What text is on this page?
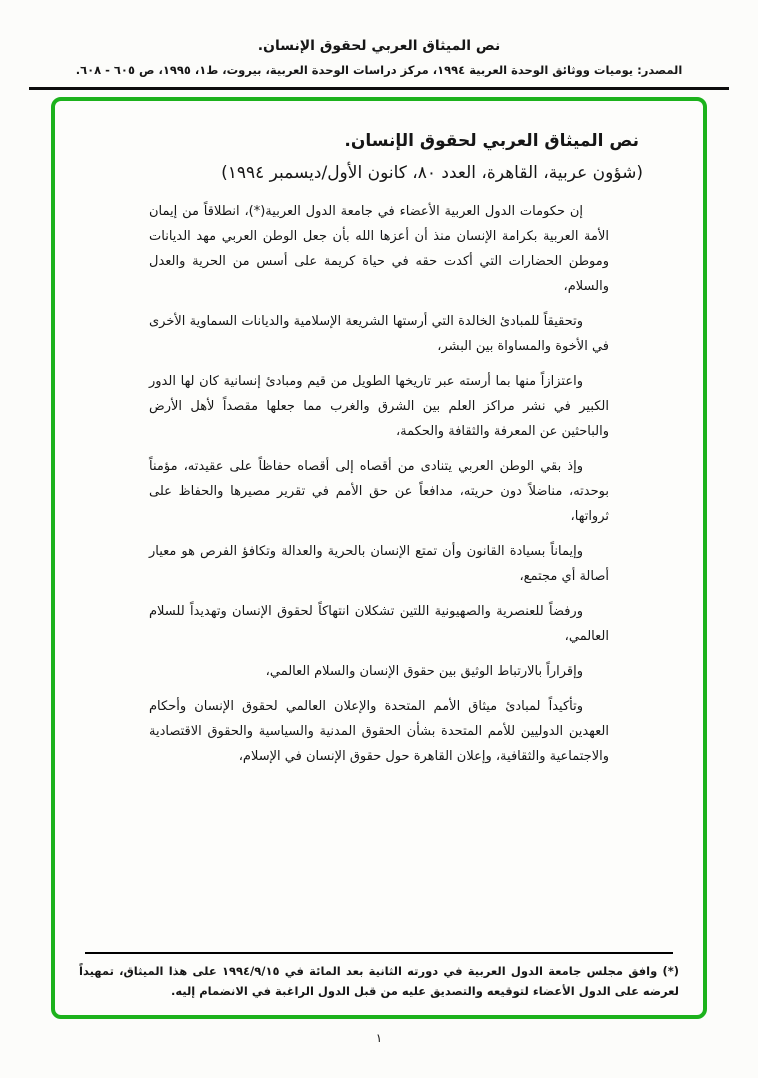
نص الميثاق العربي لحقوق الإنسان.
المصدر: يوميات ووثائق الوحدة العربية ١٩٩٤، مركز دراسات الوحدة العربية، بيروت، ط١، ١٩٩٥، ص ٦٠٥ - ٦٠٨.
نص الميثاق العربي لحقوق الإنسان.
(شؤون عربية، القاهرة، العدد ٨٠، كانون الأول/ديسمبر ١٩٩٤)

إن حكومات الدول العربية الأعضاء في جامعة الدول العربية(*)، انطلاقاً من إيمان الأمة العربية بكرامة الإنسان منذ أن أعزها الله بأن جعل الوطن العربي مهد الديانات وموطن الحضارات التي أكدت حقه في حياة كريمة على أسس من الحرية والعدل والسلام،

وتحقيقاً للمبادئ الخالدة التي أرستها الشريعة الإسلامية والديانات السماوية الأخرى في الأخوة والمساواة بين البشر،

واعتزازاً منها بما أرسته عبر تاريخها الطويل من قيم ومبادئ إنسانية كان لها الدور الكبير في نشر مراكز العلم بين الشرق والغرب مما جعلها مقصداً لأهل الأرض والباحثين عن المعرفة والثقافة والحكمة،

وإذ بقي الوطن العربي يتنادى من أقصاه إلى أقصاه حفاظاً على عقيدته، مؤمناً بوحدته، مناضلاً دون حريته، مدافعاً عن حق الأمم في تقرير مصيرها والحفاظ على ثرواتها،

وإيماناً بسيادة القانون وأن تمتع الإنسان بالحرية والعدالة وتكافؤ الفرص هو معيار أصالة أي مجتمع،

ورفضاً للعنصرية والصهيونية اللتين تشكلان انتهاكاً لحقوق الإنسان وتهديداً للسلام العالمي،

وإقراراً بالارتباط الوثيق بين حقوق الإنسان والسلام العالمي،

وتأكيداً لمبادئ ميثاق الأمم المتحدة والإعلان العالمي لحقوق الإنسان وأحكام العهدين الدوليين للأمم المتحدة بشأن الحقوق المدنية والسياسية والحقوق الاقتصادية والاجتماعية والثقافية، وإعلان القاهرة حول حقوق الإنسان في الإسلام،

(*) وافق مجلس جامعة الدول العربية في دورته الثانية بعد المائة في ١٩٩٤/٩/١٥ على هذا الميثاق، تمهيداً لعرضه على الدول الأعضاء لتوقيعه والتصديق عليه من قبل الدول الراغبة في الانضمام إليه.
١
